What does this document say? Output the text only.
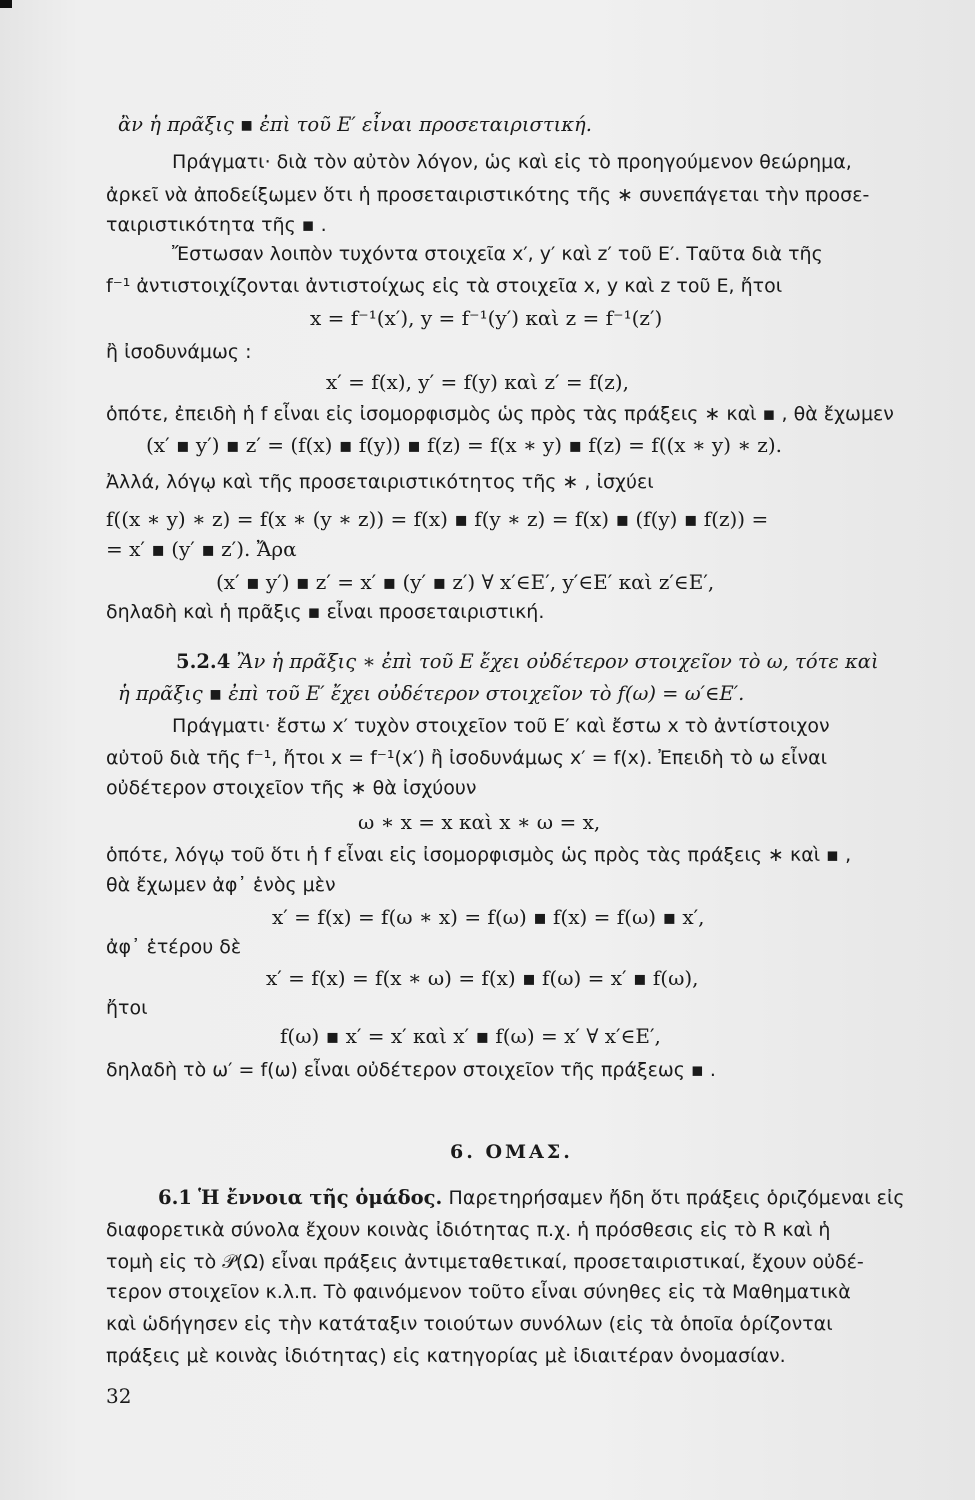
ἂν ἡ πρᾶξις ▪ ἐπὶ τοῦ Ε′ εἶναι προσεταιριστική.
Πράγματι· διὰ τὸν αὐτὸν λόγον, ὡς καὶ εἰς τὸ προηγούμενον θεώρημα,
ἀρκεῖ νὰ ἀποδείξωμεν ὅτι ἡ προσεταιριστικότης τῆς ∗ συνεπάγεται τὴν προσε-
ταιριστικότητα τῆς ▪ .
Ἔστωσαν λοιπὸν τυχόντα στοιχεῖα x′, y′ καὶ z′ τοῦ Ε′. Ταῦτα διὰ τῆς
f⁻¹ ἀντιστοιχίζονται ἀντιστοίχως εἰς τὰ στοιχεῖα x, y καὶ z τοῦ Ε, ἤτοι
x = f⁻¹(x′), y = f⁻¹(y′) καὶ z = f⁻¹(z′)
ἢ ἰσοδυνάμως :
x′ = f(x), y′ = f(y) καὶ z′ = f(z),
ὁπότε, ἐπειδὴ ἡ f εἶναι εἰς ἰσομορφισμὸς ὡς πρὸς τὰς πράξεις ∗ καὶ ▪ , θὰ ἔχωμεν
(x′ ▪ y′) ▪ z′ = (f(x) ▪ f(y)) ▪ f(z) = f(x ∗ y) ▪ f(z) = f((x ∗ y) ∗ z).
Ἀλλά, λόγῳ καὶ τῆς προσεταιριστικότητος τῆς ∗ , ἰσχύει
f((x ∗ y) ∗ z) = f(x ∗ (y ∗ z)) = f(x) ▪ f(y ∗ z) = f(x) ▪ (f(y) ▪ f(z)) =
= x′ ▪ (y′ ▪ z′). Ἄρα
(x′ ▪ y′) ▪ z′ = x′ ▪ (y′ ▪ z′) ∀ x′∈E′, y′∈E′ καὶ z′∈E′,
δηλαδὴ καὶ ἡ πρᾶξις ▪ εἶναι προσεταιριστική.
5.2.4 Ἂν ἡ πρᾶξις ∗ ἐπὶ τοῦ Ε ἔχει οὐδέτερον στοιχεῖον τὸ ω, τότε καὶ
ἡ πρᾶξις ▪ ἐπὶ τοῦ Ε′ ἔχει οὐδέτερον στοιχεῖον τὸ f(ω) = ω′∈Ε′.
Πράγματι· ἔστω x′ τυχὸν στοιχεῖον τοῦ Ε′ καὶ ἔστω x τὸ ἀντίστοιχον
αὐτοῦ διὰ τῆς f⁻¹, ἤτοι x = f⁻¹(x′) ἢ ἰσοδυνάμως x′ = f(x). Ἐπειδὴ τὸ ω εἶναι
οὐδέτερον στοιχεῖον τῆς ∗ θὰ ἰσχύουν
ω ∗ x = x καὶ x ∗ ω = x,
ὁπότε, λόγῳ τοῦ ὅτι ἡ f εἶναι εἰς ἰσομορφισμὸς ὡς πρὸς τὰς πράξεις ∗ καὶ ▪ ,
θὰ ἔχωμεν ἀφ᾽ ἑνὸς μὲν
x′ = f(x) = f(ω ∗ x) = f(ω) ▪ f(x) = f(ω) ▪ x′,
ἀφ᾽ ἑτέρου δὲ
x′ = f(x) = f(x ∗ ω) = f(x) ▪ f(ω) = x′ ▪ f(ω),
ἤτοι
f(ω) ▪ x′ = x′ καὶ x′ ▪ f(ω) = x′ ∀ x′∈E′,
δηλαδὴ τὸ ω′ = f(ω) εἶναι οὐδέτερον στοιχεῖον τῆς πράξεως ▪ .
6. ΟΜΑΣ.
6.1 Ἡ ἔννοια τῆς ὁμάδος. Παρετηρήσαμεν ἤδη ὅτι πράξεις ὁριζόμεναι εἰς
διαφορετικὰ σύνολα ἔχουν κοινὰς ἰδιότητας π.χ. ἡ πρόσθεσις εἰς τὸ R καὶ ἡ
τομὴ εἰς τὸ 𝒫(Ω) εἶναι πράξεις ἀντιμεταθετικαί, προσεταιριστικαί, ἔχουν οὐδέ-
τερον στοιχεῖον κ.λ.π. Τὸ φαινόμενον τοῦτο εἶναι σύνηθες εἰς τὰ Μαθηματικὰ
καὶ ὡδήγησεν εἰς τὴν κατάταξιν τοιούτων συνόλων (εἰς τὰ ὁποῖα ὁρίζονται
πράξεις μὲ κοινὰς ἰδιότητας) εἰς κατηγορίας μὲ ἰδιαιτέραν ὀνομασίαν.
32
